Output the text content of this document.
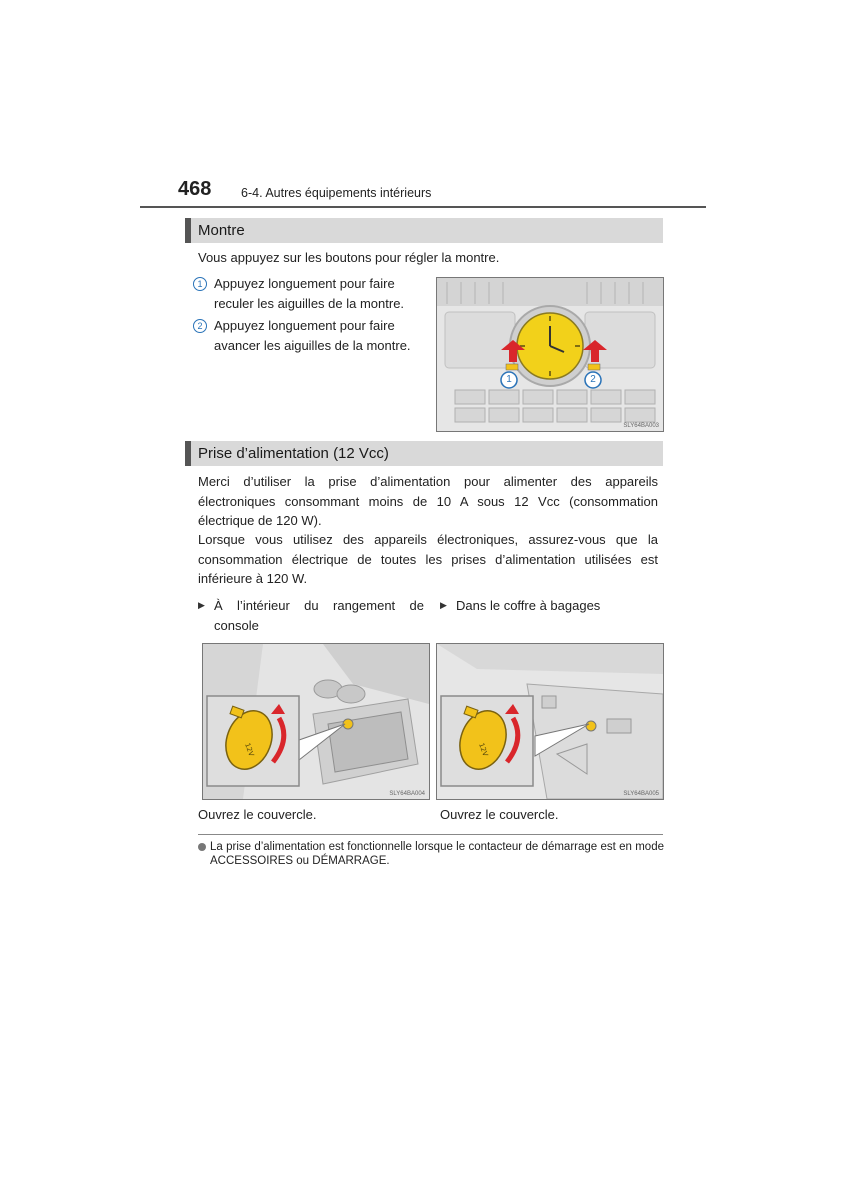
468 6-4. Autres équipements intérieurs
Montre
Vous appuyez sur les boutons pour régler la montre.
1 Appuyez longuement pour faire
reculer les aiguilles de la montre.
2 Appuyez longuement pour faire
avancer les aiguilles de la montre.
1	2
SLY64BA003
Prise d’alimentation (12 Vcc)
Merci d’utiliser la prise d’alimentation pour alimenter des appareils électroniques consommant moins de 10 A sous 12 Vcc (consommation électrique de 120 W).
Lorsque vous utilisez des appareils électroniques, assurez-vous que la consommation électrique de toutes les prises d’alimentation utilisées est inférieure à 120 W.
▶ À l’intérieur du rangement de console
▶ Dans le coffre à bagages
12V
SLY64BA004
12V
SLY64BA005
Ouvrez le couvercle.	Ouvrez le couvercle.
La prise d’alimentation est fonctionnelle lorsque le contacteur de démarrage est en mode ACCESSOIRES ou DÉMARRAGE.
